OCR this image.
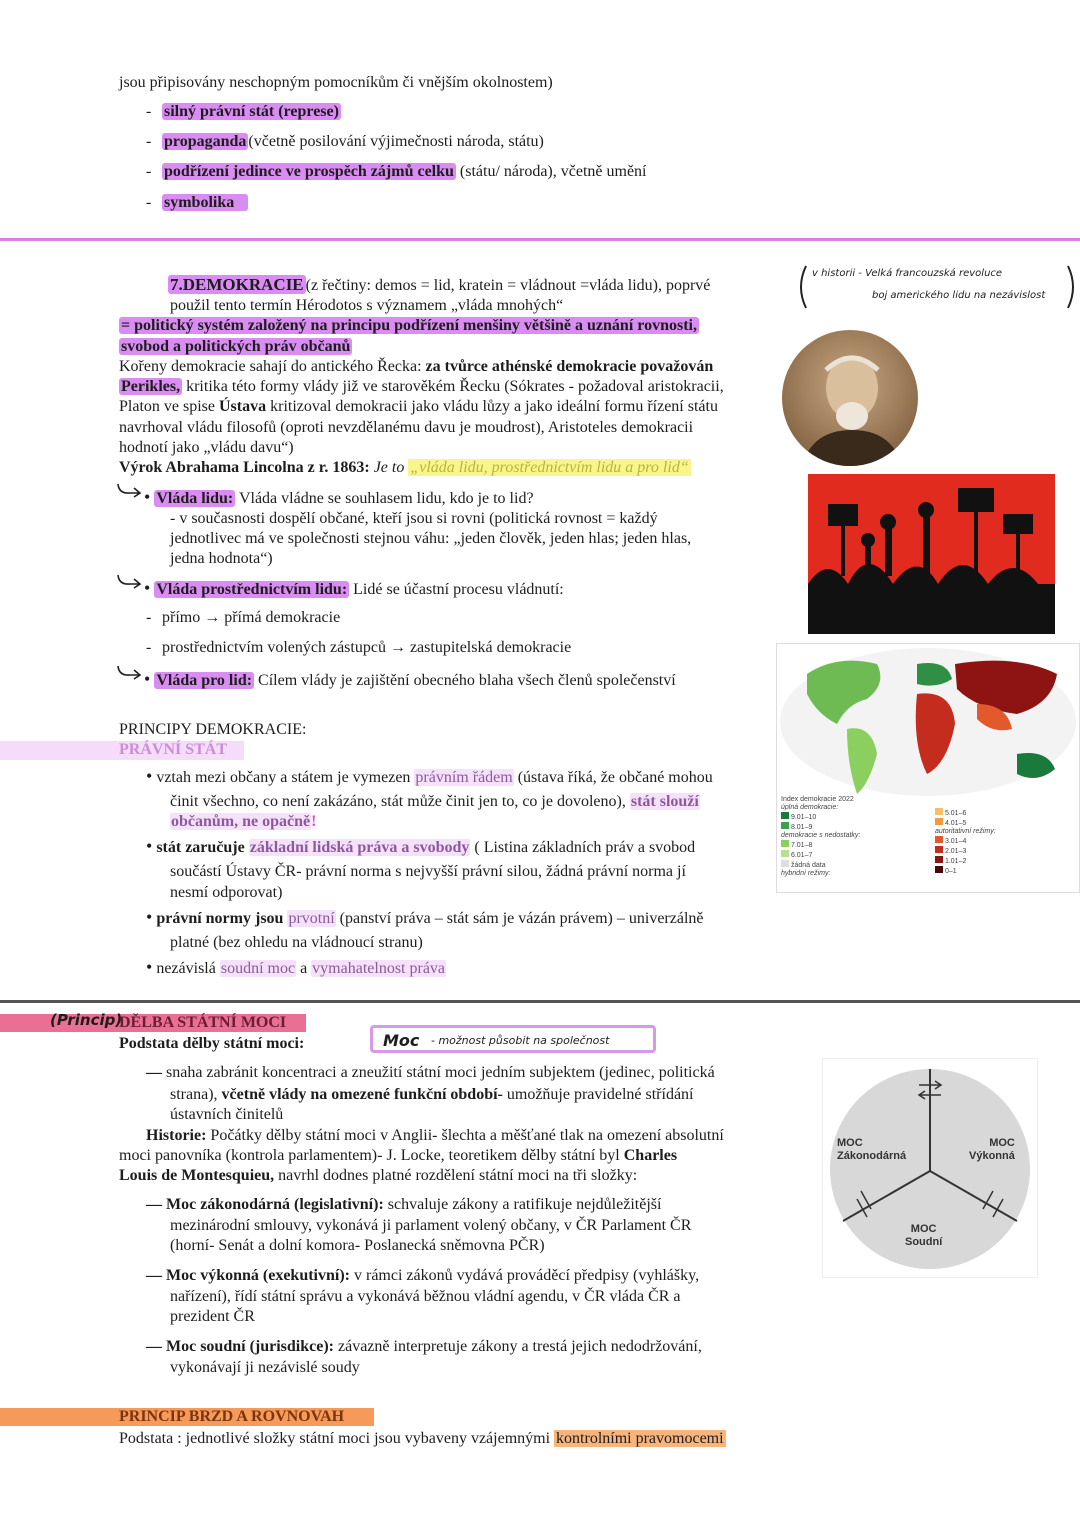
jsou připisovány neschopným pomocníkům či vnějším okolnostem)
- silný právní stát (represe)
- propaganda (včetně posilování výjimečnosti národa, státu)
- podřízení jedince ve prospěch zájmů celku (státu/ národa), včetně umění
- symbolika
7.DEMOKRACIE (z řečtiny: demos = lid, kratein = vládnout =vláda lidu), poprvé
použil tento termín Hérodotos s významem „vláda mnohých“
= politický systém založený na principu podřízení menšiny většině a uznání rovnosti,
svobod a politických práv občanů
Kořeny demokracie sahají do antického Řecka: za tvůrce athénské demokracie považován
Perikles, kritika této formy vlády již ve starověkém Řecku (Sókrates - požadoval aristokracii,
Platon ve spise Ústava kritizoval demokracii jako vládu lůzy a jako ideální formu řízení státu
navrhoval vládu filosofů (oproti nevzdělanému davu je moudrost), Aristoteles demokracii
hodnotí jako „vládu davu“)
Výrok Abrahama Lincolna z r. 1863: Je to „vláda lidu, prostřednictvím lidu a pro lid“
v historii - Velká francouzská revoluce
boj amerického lidu na nezávislost
• Vláda lidu: Vláda vládne se souhlasem lidu, kdo je to lid?
- v současnosti dospělí občané, kteří jsou si rovni (politická rovnost = každý
jednotlivec má ve společnosti stejnou váhu: „jeden člověk, jeden hlas; jeden hlas,
jedna hodnota“)
• Vláda prostřednictvím lidu: Lidé se účastní procesu vládnutí:
- přímo → přímá demokracie
- prostřednictvím volených zástupců → zastupitelská demokracie
• Vláda pro lid: Cílem vlády je zajištění obecného blaha všech členů společenství
Index demokracie 2022
úplná demokracie:
9.01–10
8.01–9
demokracie s nedostatky:
7.01–8
6.01–7
žádná data
hybridní režimy:
5.01–6
4.01–5
autoritativní režimy:
3.01–4
2.01–3
1.01–2
0–1
PRINCIPY DEMOKRACIE:
PRÁVNÍ STÁT
• vztah mezi občany a státem je vymezen právním řádem (ústava říká, že občané mohou
činit všechno, co není zakázáno, stát může činit jen to, co je dovoleno), stát slouží
občanům, ne opačně!
• stát zaručuje základní lidská práva a svobody ( Listina základních práv a svobod
součástí Ústavy ČR- právní norma s nejvyšší právní silou, žádná právní norma jí
nesmí odporovat)
• právní normy jsou prvotní (panství práva – stát sám je vázán právem) – univerzálně
platné (bez ohledu na vládnoucí stranu)
• nezávislá soudní moc a vymahatelnost práva
(Princip)
DĚLBA STÁTNÍ MOCI
Podstata dělby státní moci:	Moc - možnost působit na společnost
— snaha zabránit koncentraci a zneužití státní moci jedním subjektem (jedinec, politická
strana), včetně vlády na omezené funkční období- umožňuje pravidelné střídání
ústavních činitelů
Historie: Počátky dělby státní moci v Anglii- šlechta a měšťané tlak na omezení absolutní
moci panovníka (kontrola parlamentem)- J. Locke, teoretikem dělby státní byl Charles
Louis de Montesquieu, navrhl dodnes platné rozdělení státní moci na tři složky:
— Moc zákonodárná (legislativní): schvaluje zákony a ratifikuje nejdůležitější
mezinárodní smlouvy, vykonává ji parlament volený občany, v ČR Parlament ČR
(horní- Senát a dolní komora- Poslanecká sněmovna PČR)
— Moc výkonná (exekutivní): v rámci zákonů vydává prováděcí předpisy (vyhlášky,
nařízení), řídí státní správu a vykonává běžnou vládní agendu, v ČR vláda ČR a
prezident ČR
— Moc soudní (jurisdikce): závazně interpretuje zákony a trestá jejich nedodržování,
vykonávají ji nezávislé soudy
MOC
Zákonodárná
MOC
Výkonná
MOC
Soudní
PRINCIP BRZD A ROVNOVAH
Podstata : jednotlivé složky státní moci jsou vybaveny vzájemnými kontrolními pravomocemi
